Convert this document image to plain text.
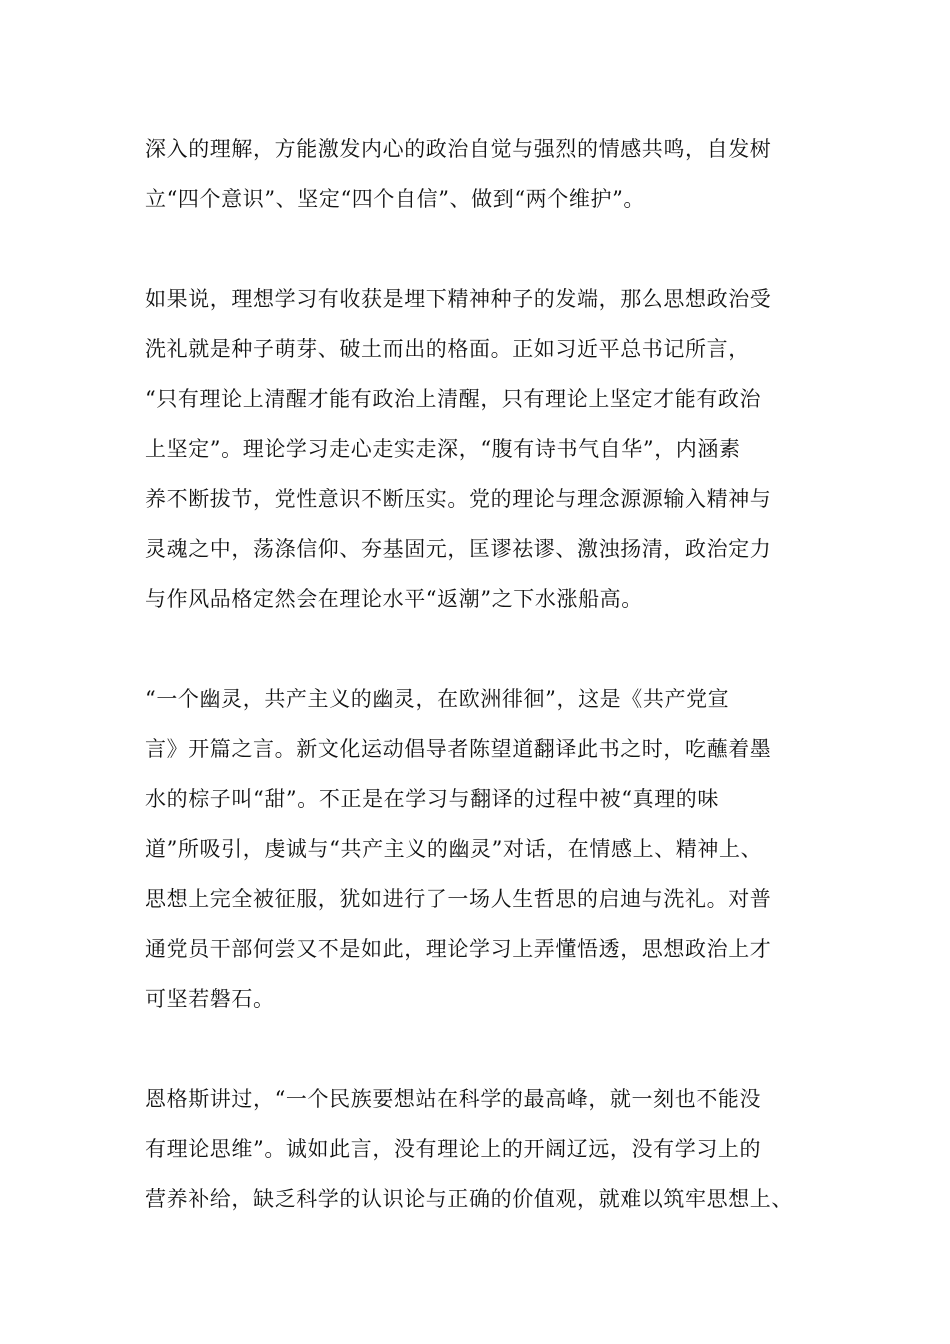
深入的理解，方能激发内心的政治自觉与强烈的情感共鸣，自发树
立“四个意识”、坚定“四个自信”、做到“两个维护”。
如果说，理想学习有收获是埋下精神种子的发端，那么思想政治受
洗礼就是种子萌芽、破土而出的格面。正如习近平总书记所言，
“只有理论上清醒才能有政治上清醒，只有理论上坚定才能有政治
上坚定”。理论学习走心走实走深，“腹有诗书气自华”，内涵素
养不断拔节，党性意识不断压实。党的理论与理念源源输入精神与
灵魂之中，荡涤信仰、夯基固元，匡谬祛谬、激浊扬清，政治定力
与作风品格定然会在理论水平“返潮”之下水涨船高。
“一个幽灵，共产主义的幽灵，在欧洲徘徊”，这是《共产党宣
言》开篇之言。新文化运动倡导者陈望道翻译此书之时，吃蘸着墨
水的棕子叫“甜”。不正是在学习与翻译的过程中被“真理的味
道”所吸引，虔诚与“共产主义的幽灵”对话，在情感上、精神上、
思想上完全被征服，犹如进行了一场人生哲思的启迪与洗礼。对普
通党员干部何尝又不是如此，理论学习上弄懂悟透，思想政治上才
可坚若磐石。
恩格斯讲过，“一个民族要想站在科学的最高峰，就一刻也不能没
有理论思维”。诚如此言，没有理论上的开阔辽远，没有学习上的
营养补给，缺乏科学的认识论与正确的价值观，就难以筑牢思想上、
